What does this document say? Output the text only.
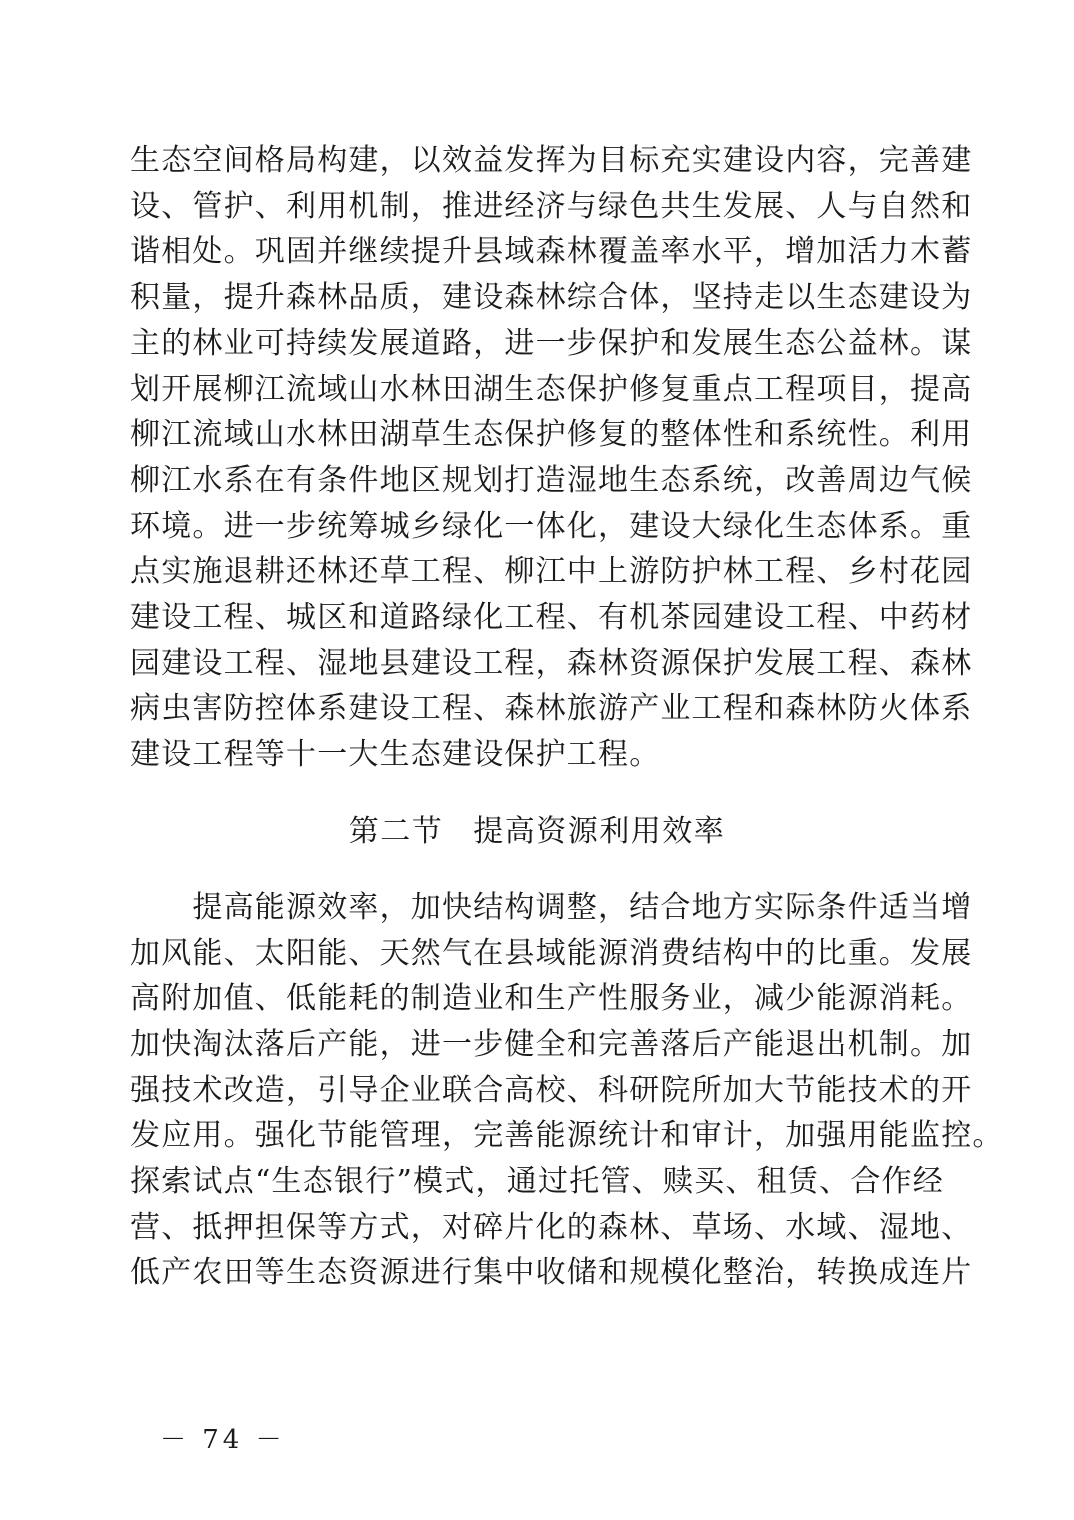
生态空间格局构建，以效益发挥为目标充实建设内容，完善建
设、管护、利用机制，推进经济与绿色共生发展、人与自然和
谐相处。巩固并继续提升县域森林覆盖率水平，增加活力木蓄
积量，提升森林品质，建设森林综合体，坚持走以生态建设为
主的林业可持续发展道路，进一步保护和发展生态公益林。谋
划开展柳江流域山水林田湖生态保护修复重点工程项目，提高
柳江流域山水林田湖草生态保护修复的整体性和系统性。利用
柳江水系在有条件地区规划打造湿地生态系统，改善周边气候
环境。进一步统筹城乡绿化一体化，建设大绿化生态体系。重
点实施退耕还林还草工程、柳江中上游防护林工程、乡村花园
建设工程、城区和道路绿化工程、有机茶园建设工程、中药材
园建设工程、湿地县建设工程，森林资源保护发展工程、森林
病虫害防控体系建设工程、森林旅游产业工程和森林防火体系
建设工程等十一大生态建设保护工程。

第二节 提高资源利用效率

　　提高能源效率，加快结构调整，结合地方实际条件适当增
加风能、太阳能、天然气在县域能源消费结构中的比重。发展
高附加值、低能耗的制造业和生产性服务业，减少能源消耗。
加快淘汰落后产能，进一步健全和完善落后产能退出机制。加
强技术改造，引导企业联合高校、科研院所加大节能技术的开
发应用。强化节能管理，完善能源统计和审计，加强用能监控。
探索试点“生态银行”模式，通过托管、赎买、租赁、合作经
营、抵押担保等方式，对碎片化的森林、草场、水域、湿地、
低产农田等生态资源进行集中收储和规模化整治，转换成连片

－ 74 －
